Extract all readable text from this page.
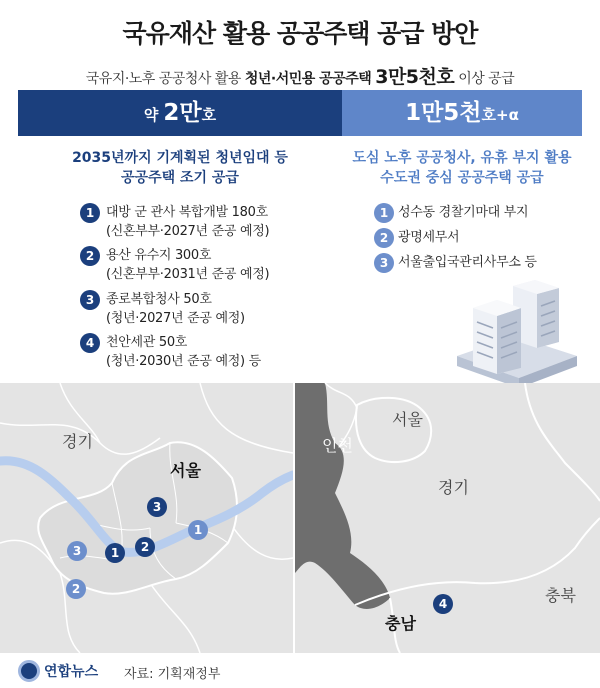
국유재산 활용 공공주택 공급 방안
국유지·노후 공공청사 활용 청년·서민용 공공주택 3만5천호 이상 공급
약 2만호	1만5천호+α
2035년까지 기계획된 청년임대 등
공공주택 조기 공급
도심 노후 공공청사, 유휴 부지 활용
수도권 중심 공공주택 공급
1 대방 군 관사 복합개발 180호
(신혼부부·2027년 준공 예정)
2 용산 유수지 300호
(신혼부부·2031년 준공 예정)
3 종로복합청사 50호
(청년·2027년 준공 예정)
4 천안세관 50호
(청년·2030년 준공 예정) 등
1 성수동 경찰기마대 부지
2 광명세무서
3 서울출입국관리사무소 등
경기
서울
3
1
2
3	1
2
서울
인천
경기
충북
충남
4
연합뉴스 자료: 기획재정부
